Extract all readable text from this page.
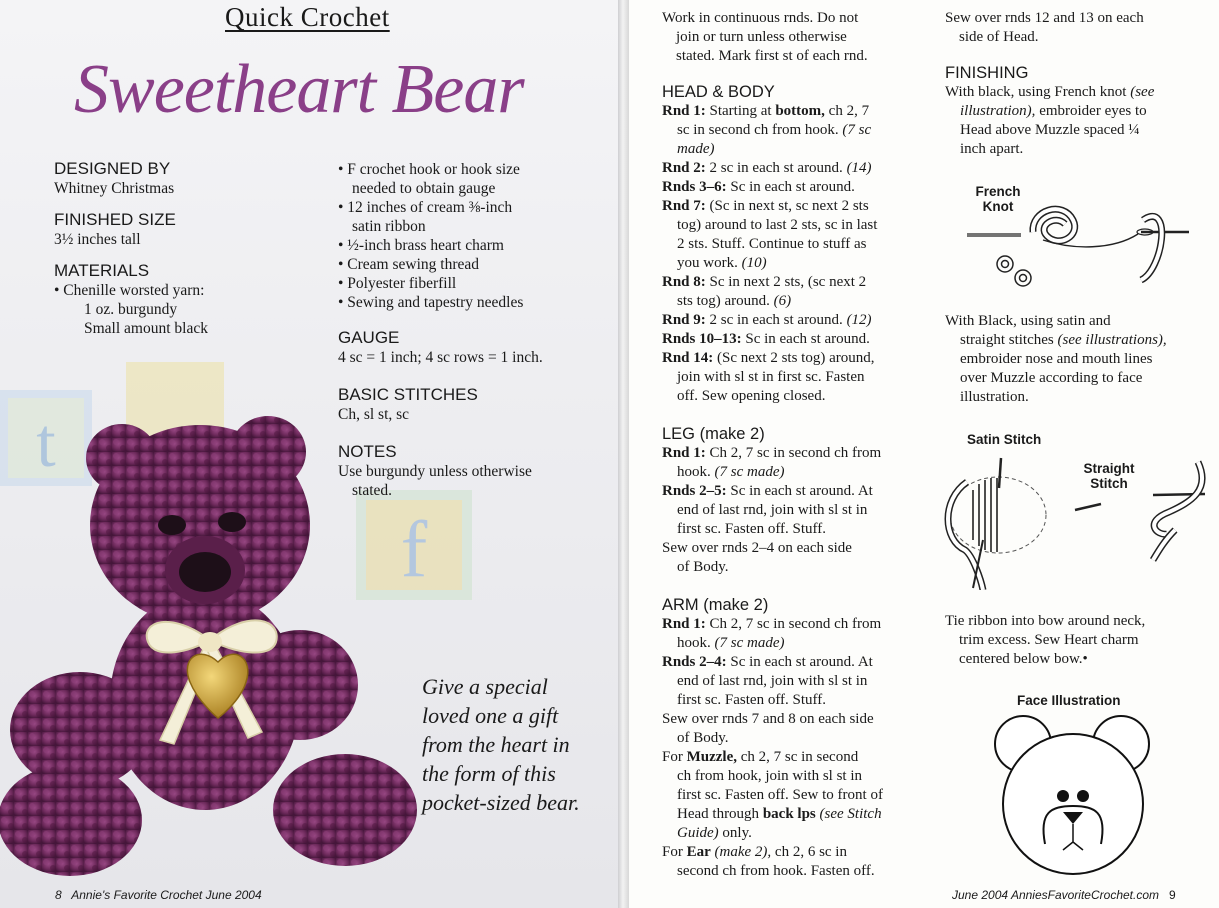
Quick Crochet
Sweetheart Bear
t
f
DESIGNED BY
Whitney Christmas
FINISHED SIZE
3½ inches tall
MATERIALS
• Chenille worsted yarn:
1 oz. burgundy
Small amount black
• F crochet hook or hook size
needed to obtain gauge
• 12 inches of cream ⅜-inch
satin ribbon
• ½-inch brass heart charm
• Cream sewing thread
• Polyester fiberfill
• Sewing and tapestry needles
GAUGE
4 sc = 1 inch; 4 sc rows = 1 inch.
BASIC STITCHES
Ch, sl st, sc
NOTES
Use burgundy unless otherwise
stated.
Give a special
loved one a gift
from the heart in
the form of this
pocket-sized bear.
8 Annie's Favorite Crochet June 2004

Work in continuous rnds. Do not

join or turn unless otherwise

stated. Mark first st of each rnd.

HEAD & BODY

Rnd 1: Starting at bottom, ch 2, 7

sc in second ch from hook. (7 sc

made)

Rnd 2: 2 sc in each st around. (14)

Rnds 3–6: Sc in each st around.

Rnd 7: (Sc in next st, sc next 2 sts

tog) around to last 2 sts, sc in last

2 sts. Stuff. Continue to stuff as

you work. (10)

Rnd 8: Sc in next 2 sts, (sc next 2

sts tog) around. (6)

Rnd 9: 2 sc in each st around. (12)

Rnds 10–13: Sc in each st around.

Rnd 14: (Sc next 2 sts tog) around,

join with sl st in first sc. Fasten

off. Sew opening closed.

LEG (make 2)

Rnd 1: Ch 2, 7 sc in second ch from

hook. (7 sc made)

Rnds 2–5: Sc in each st around. At

end of last rnd, join with sl st in

first sc. Fasten off. Stuff.

Sew over rnds 2–4 on each side

of Body.

ARM (make 2)

Rnd 1: Ch 2, 7 sc in second ch from

hook. (7 sc made)

Rnds 2–4: Sc in each st around. At

end of last rnd, join with sl st in

first sc. Fasten off. Stuff.

Sew over rnds 7 and 8 on each side

of Body.

For Muzzle, ch 2, 7 sc in second

ch from hook, join with sl st in

first sc. Fasten off. Sew to front of

Head through back lps (see Stitch

Guide) only.

For Ear (make 2), ch 2, 6 sc in

second ch from hook. Fasten off.

Sew over rnds 12 and 13 on each

side of Head.

FINISHING

With black, using French knot (see

illustration), embroider eyes to

Head above Muzzle spaced ¼

inch apart.

French Knot

With Black, using satin and

straight stitches (see illustrations),

embroider nose and mouth lines

over Muzzle according to face

illustration.

Satin Stitch
Straight Stitch

Tie ribbon into bow around neck,

trim excess. Sew Heart charm

centered below bow.•

Face Illustration
June 2004 AnniesFavoriteCrochet.com 9
